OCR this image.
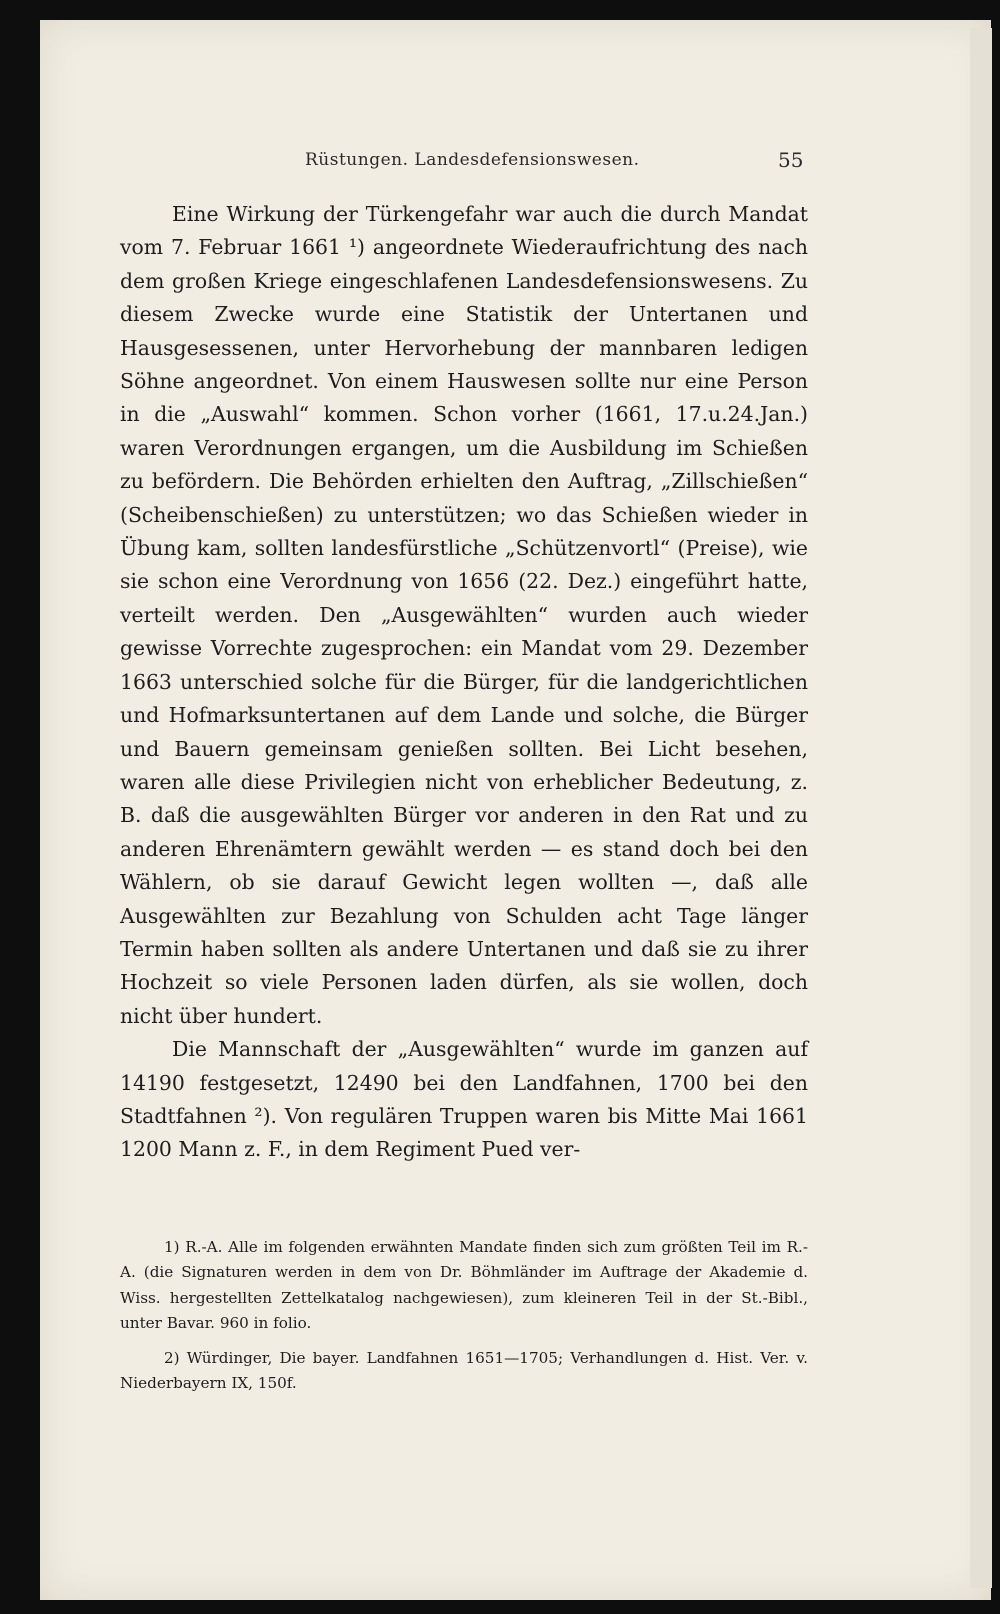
Rüstungen. Landesdefensionswesen.	55

Eine Wirkung der Türkengefahr war auch die durch Mandat vom 7. Februar 1661 ¹) angeordnete Wiederaufrichtung des nach dem großen Kriege eingeschlafenen Landesdefensionswesens. Zu diesem Zwecke wurde eine Statistik der Untertanen und Hausgesessenen, unter Hervorhebung der mannbaren ledigen Söhne angeordnet. Von einem Hauswesen sollte nur eine Person in die „Auswahl“ kommen. Schon vorher (1661, 17.u.24.Jan.) waren Verordnungen ergangen, um die Ausbildung im Schießen zu befördern. Die Behörden erhielten den Auftrag, „Zillschießen“ (Scheibenschießen) zu unterstützen; wo das Schießen wieder in Übung kam, sollten landesfürstliche „Schützenvortl“ (Preise), wie sie schon eine Verordnung von 1656 (22. Dez.) eingeführt hatte, verteilt werden. Den „Ausgewählten“ wurden auch wieder gewisse Vorrechte zugesprochen: ein Mandat vom 29. Dezember 1663 unterschied solche für die Bürger, für die landgerichtlichen und Hofmarksuntertanen auf dem Lande und solche, die Bürger und Bauern gemeinsam genießen sollten. Bei Licht besehen, waren alle diese Privilegien nicht von erheblicher Bedeutung, z. B. daß die ausgewählten Bürger vor anderen in den Rat und zu anderen Ehrenämtern gewählt werden — es stand doch bei den Wählern, ob sie darauf Gewicht legen wollten —, daß alle Ausgewählten zur Bezahlung von Schulden acht Tage länger Termin haben sollten als andere Untertanen und daß sie zu ihrer Hochzeit so viele Personen laden dürfen, als sie wollen, doch nicht über hundert.

Die Mannschaft der „Ausgewählten“ wurde im ganzen auf 14190 festgesetzt, 12490 bei den Landfahnen, 1700 bei den Stadtfahnen ²). Von regulären Truppen waren bis Mitte Mai 1661 1200 Mann z. F., in dem Regiment Pued ver-

1) R.-A. Alle im folgenden erwähnten Mandate finden sich zum größten Teil im R.-A. (die Signaturen werden in dem von Dr. Böhmländer im Auftrage der Akademie d. Wiss. hergestellten Zettelkatalog nachgewiesen), zum kleineren Teil in der St.-Bibl., unter Bavar. 960 in folio.

2) Würdinger, Die bayer. Landfahnen 1651—1705; Verhandlungen d. Hist. Ver. v. Niederbayern IX, 150f.
